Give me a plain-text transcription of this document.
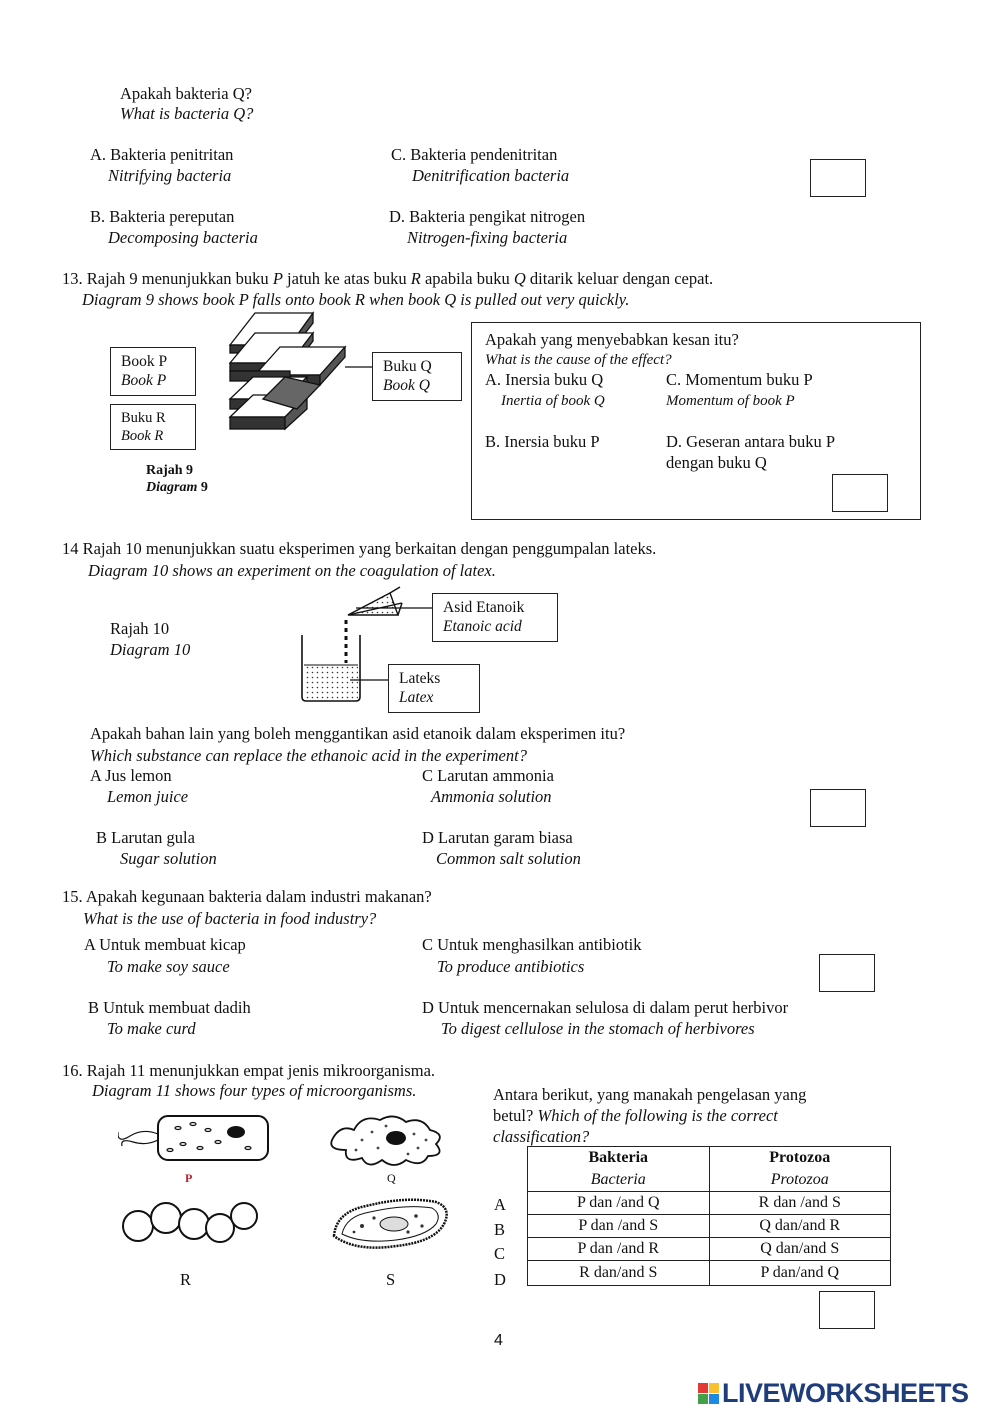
Apakah bakteria Q?
What is bacteria Q?
A. Bakteria penitritan
Nitrifying bacteria
C. Bakteria pendenitritan
Denitrification bacteria
B. Bakteria pereputan
Decomposing bacteria
D. Bakteria pengikat nitrogen
Nitrogen-fixing bacteria
13. Rajah 9 menunjukkan buku P jatuh ke atas buku R apabila buku Q ditarik keluar dengan cepat.
Diagram 9 shows book P falls onto book R when book Q is pulled out very quickly.
Book P
Book P
Buku R
Book R
Buku Q
Book Q
Rajah 9
Diagram 9
Apakah yang menyebabkan kesan itu?
What is the cause of the effect?
A. Inersia buku Q
Inertia of book Q
C. Momentum buku P
Momentum of book P
B. Inersia buku P	D. Geseran antara buku P
dengan buku Q
14 Rajah 10 menunjukkan suatu eksperimen yang berkaitan dengan penggumpalan lateks.
Diagram 10 shows an experiment on the coagulation of latex.
Rajah 10
Diagram 10
Asid Etanoik
Etanoic acid
Lateks
Latex
Apakah bahan lain yang boleh menggantikan asid etanoik dalam eksperimen itu?
Which substance can replace the ethanoic acid in the experiment?
A Jus lemon
Lemon juice
C Larutan ammonia
Ammonia solution
B Larutan gula
Sugar solution
D Larutan garam biasa
Common salt solution
15. Apakah kegunaan bakteria dalam industri makanan?
What is the use of bacteria in food industry?
A Untuk membuat kicap
To make soy sauce
C Untuk menghasilkan antibiotik
To produce antibiotics
B Untuk membuat dadih
To make curd
D Untuk mencernakan selulosa di dalam perut herbivor
To digest cellulose in the stomach of herbivores
16. Rajah 11 menunjukkan empat jenis mikroorganisma.
Diagram 11 shows four types of microorganisms.
P	Q
R	S
Antara berikut, yang manakah pengelasan yang
betul? Which of the following is the correct
classification?
A
B
C
D
Bakteria	Protozoa
Bacteria	Protozoa
P dan /and Q	R dan /and S
P dan /and S	Q dan/and R
P dan /and R	Q dan/and S
R dan/and S	P dan/and Q
4
LIVEWORKSHEETS
